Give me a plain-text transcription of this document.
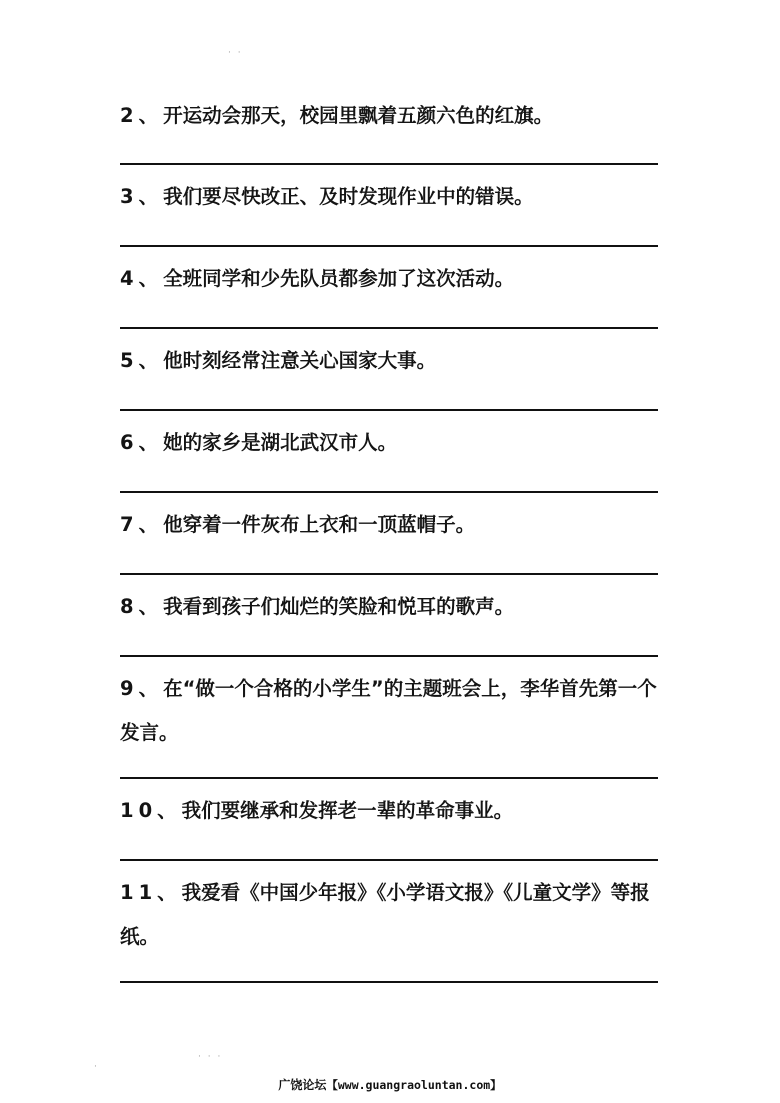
· ·
2、开运动会那天，校园里飘着五颜六色的红旗。
3、我们要尽快改正、及时发现作业中的错误。
4、全班同学和少先队员都参加了这次活动。
5、他时刻经常注意关心国家大事。
6、她的家乡是湖北武汉市人。
7、他穿着一件灰布上衣和一顶蓝帽子。
8、我看到孩子们灿烂的笑脸和悦耳的歌声。
9、在“做一个合格的小学生”的主题班会上，李华首先第一个发言。
10、我们要继承和发挥老一辈的革命事业。
11、我爱看《中国少年报》《小学语文报》《儿童文学》等报纸。
· · ·
·
广饶论坛【www.guangraoluntan.com】
